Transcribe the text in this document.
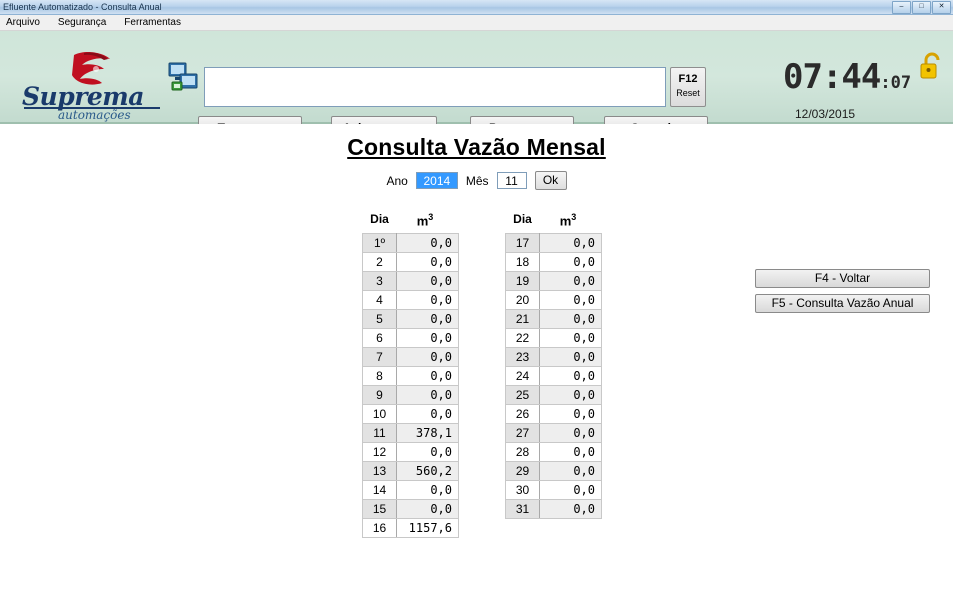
Efluente Automatizado - Consulta Anual	–	□	✕
Arquivo Segurança Ferramentas
Suprema
automações
F12
Reset 07:44:07
12/03/2015
Consulta Vazão Mensal
Ano
2014	Mês
11	Ok
F4 - Voltar
F5 - Consulta Vazão Anual
Dia	$m^3$
1º	0,0
2	0,0
3	0,0
4	0,0
5	0,0
6	0,0
7	0,0
8	0,0
9	0,0
10	0,0
11	378,1
12	0,0
13	560,2
14	0,0
15	0,0
16	1157,6
Dia	$m^3$
17	0,0
18	0,0
19	0,0
20	0,0
21	0,0
22	0,0
23	0,0
24	0,0
25	0,0
26	0,0
27	0,0
28	0,0
29	0,0
30	0,0
31	0,0
